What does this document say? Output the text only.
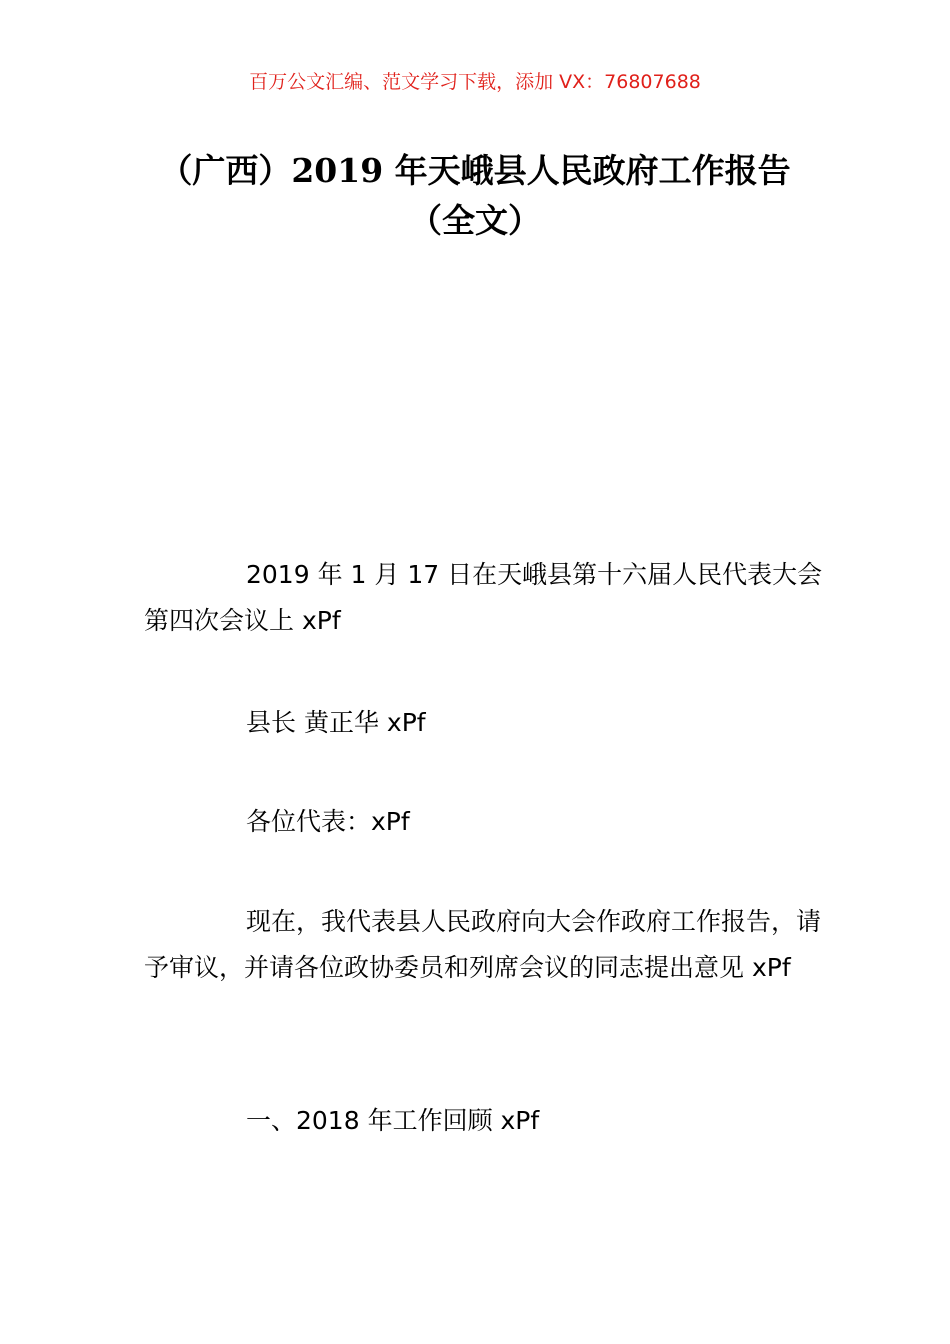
百万公文汇编、范文学习下载，添加 VX：76807688
（广西）2019 年天峨县人民政府工作报告
（全文）

2019 年 1 月 17 日在天峨县第十六届人民代表大会第四次会议上 xPf

县长 黄正华 xPf

各位代表：xPf

现在，我代表县人民政府向大会作政府工作报告，请予审议，并请各位政协委员和列席会议的同志提出意见 xPf

一、2018 年工作回顾 xPf
